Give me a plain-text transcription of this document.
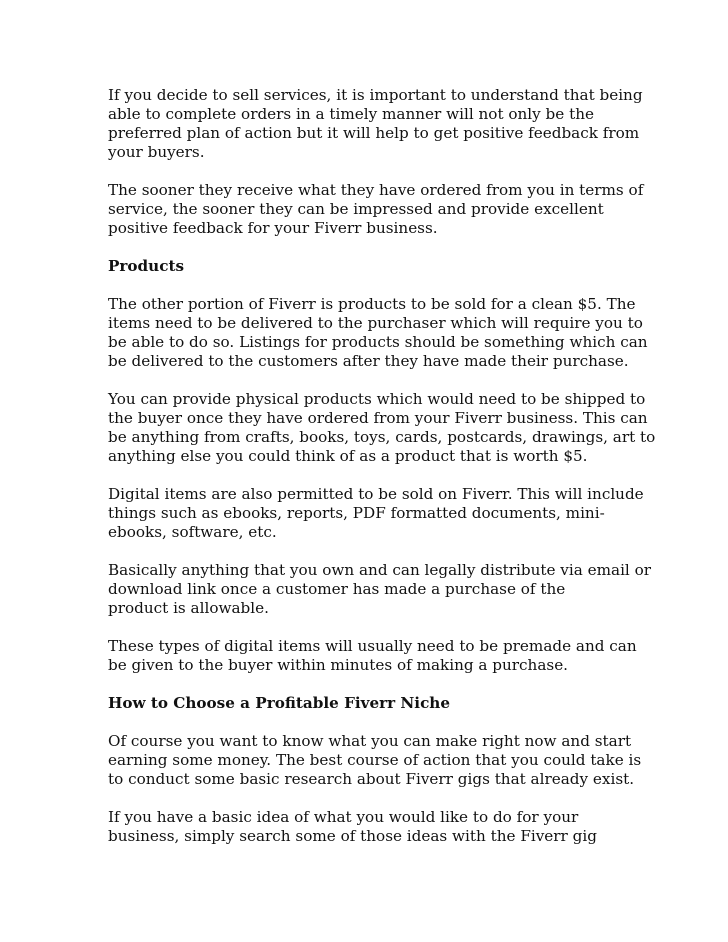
If you decide to sell services, it is important to understand that being
able to complete orders in a timely manner will not only be the
preferred plan of action but it will help to get positive feedback from
your buyers.
The sooner they receive what they have ordered from you in terms of
service, the sooner they can be impressed and provide excellent
positive feedback for your Fiverr business.
Products
The other portion of Fiverr is products to be sold for a clean $5. The
items need to be delivered to the purchaser which will require you to
be able to do so. Listings for products should be something which can
be delivered to the customers after they have made their purchase.
You can provide physical products which would need to be shipped to
the buyer once they have ordered from your Fiverr business. This can
be anything from crafts, books, toys, cards, postcards, drawings, art to
anything else you could think of as a product that is worth $5.
Digital items are also permitted to be sold on Fiverr. This will include
things such as ebooks, reports, PDF formatted documents, mini-
ebooks, software, etc.
Basically anything that you own and can legally distribute via email or
download link once a customer has made a purchase of the
product is allowable.
These types of digital items will usually need to be premade and can
be given to the buyer within minutes of making a purchase.
How to Choose a Profitable Fiverr Niche
Of course you want to know what you can make right now and start
earning some money. The best course of action that you could take is
to conduct some basic research about Fiverr gigs that already exist.
If you have a basic idea of what you would like to do for your
business, simply search some of those ideas with the Fiverr gig
